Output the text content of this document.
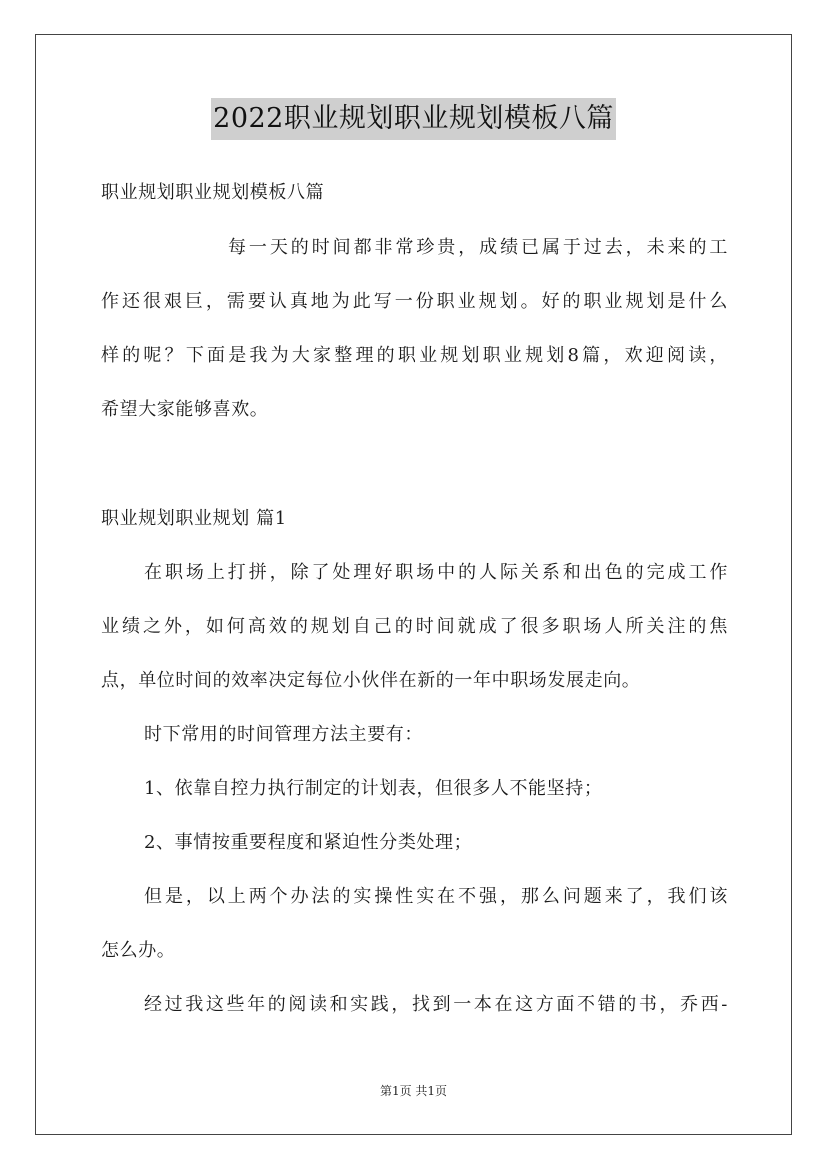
2022职业规划职业规划模板八篇
职业规划职业规划模板八篇
每一天的时间都非常珍贵，成绩已属于过去，未来的工
作还很艰巨，需要认真地为此写一份职业规划。好的职业规划是什么
样的呢？下面是我为大家整理的职业规划职业规划8篇，欢迎阅读，
希望大家能够喜欢。
职业规划职业规划 篇1
在职场上打拼，除了处理好职场中的人际关系和出色的完成工作
业绩之外，如何高效的规划自己的时间就成了很多职场人所关注的焦
点，单位时间的效率决定每位小伙伴在新的一年中职场发展走向。
时下常用的时间管理方法主要有：
1、依靠自控力执行制定的计划表，但很多人不能坚持；
2、事情按重要程度和紧迫性分类处理；
但是，以上两个办法的实操性实在不强，那么问题来了，我们该
怎么办。
经过我这些年的阅读和实践，找到一本在这方面不错的书，乔西-
第1页 共1页
